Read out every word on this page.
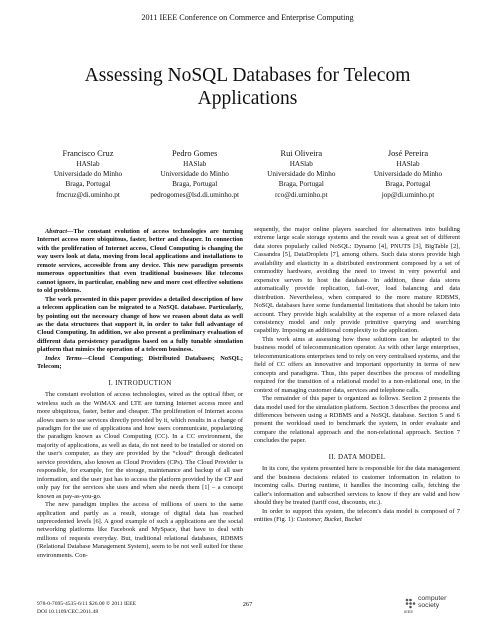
2011 IEEE Conference on Commerce and Enterprise Computing
Assessing NoSQL Databases for Telecom
Applications
Francisco Cruz
HASlab
Universidade do Minho
Braga, Portugal
fmcruz@di.uminho.pt
Pedro Gomes
HASlab
Universidade do Minho
Braga, Portugal
pedrogomes@lsd.di.uminho.pt
Rui Oliveira
HASlab
Universidade do Minho
Braga, Portugal
rco@di.uminho.pt
José Pereira
HASlab
Universidade do Minho
Braga, Portugal
jop@di.uminho.pt

Abstract—The constant evolution of access technologies are turning Internet access more ubiquitous, faster, better and cheaper. In connection with the proliferation of Internet access, Cloud Computing is changing the way users look at data, moving from local applications and installations to remote services, accessible from any device. This new paradigm presents numerous opportunities that even traditional businesses like telecoms cannot ignore, in particular, enabling new and more cost effective solutions to old problems.

The work presented in this paper provides a detailed description of how a telecom application can be migrated to a NoSQL database. Particularly, by pointing out the necessary change of how we reason about data as well as the data structures that support it, in order to take full advantage of Cloud Computing. In addition, we also present a preliminary evaluation of different data persistency paradigms based on a fully tunable simulation platform that mimics the operation of a telecom business.

Index Terms—Cloud Computing; Distributed Databases; NoSQL; Telecom;

I. INTRODUCTION

The constant evolution of access technologies, wired as the optical fiber, or wireless such as the WiMAX and LTE are turning Internet access more and more ubiquitous, faster, better and cheaper. The proliferation of Internet access allows users to use services directly provided by it, which results in a change of paradigm for the use of applications and how users communicate, popularizing the paradigm known as Cloud Computing (CC). In a CC environment, the majority of applications, as well as data, do not need to be installed or stored on the user's computer, as they are provided by the “cloud” through dedicated service providers, also known as Cloud Providers (CPs). The Cloud Provider is responsible, for example, for the storage, maintenance and backup of all user information, and the user just has to access the platform provided by the CP and only pay for the services she uses and when she needs them [1] – a concept known as pay-as-you-go.

The new paradigm implies the access of millions of users to the same application and partly as a result, storage of digital data has reached unprecedented levels [6]. A good example of such a applications are the social networking platforms like Facebook and MySpace, that have to deal with millions of requests everyday. But, traditional relational databases, RDBMS (Relational Database Management System), seem to be not well suited for these environments. Con-

sequently, the major online players searched for alternatives into building extreme large scale storage systems and the result was a great set of different data stores popularly called NoSQL: Dynamo [4], PNUTS [3], BigTable [2], Cassandra [5], DataDroplets [7], among others. Such data stores provide high availability and elasticity in a distributed environment composed by a set of commodity hardware, avoiding the need to invest in very powerful and expensive servers to host the database. In addition, these data stores automatically provide replication, fail-over, load balancing and data distribution. Nevertheless, when compared to the more mature RDBMS, NoSQL databases have some fundamental limitations that should be taken into account. They provide high scalability at the expense of a more relaxed data consistency model and only provide primitive querying and searching capability. Imposing an additional complexity to the application.

This work aims at assessing how these solutions can be adapted to the business model of telecommunication operator. As with other large enterprises, telecommunications enterprises tend to rely on very centralised systems, and the field of CC offers an innovative and important opportunity in terms of new concepts and paradigms. Thus, this paper describes the process of modelling required for the transition of a relational model to a non-relational one, in the context of managing customer data, services and telephone calls.

The remainder of this paper is organized as follows. Section 2 presents the data model used for the simulation platform. Section 3 describes the process and differences between using a RDBMS and a NoSQL database. Section 5 and 6 present the workload used to benchmark the system, in order evaluate and compare the relational approach and the non-relational approach. Section 7 concludes the paper.

II. DATA MODEL

In its core, the system presented here is responsible for the data management and the business decisions related to customer information in relation to incoming calls. During runtime, it handles the incoming calls, fetching the caller's information and subscribed services to know if they are valid and how should they be treated (tariff cost, discounts, etc.).

In order to support this system, the telecom's data model is composed of 7 entities (Fig. 1): Customer, Bucket, Bucket

978-0-7695-4535-6/11 $26.00 © 2011 IEEE
DOI 10.1109/CEC.2011.48
267
computer
society
IEEE
